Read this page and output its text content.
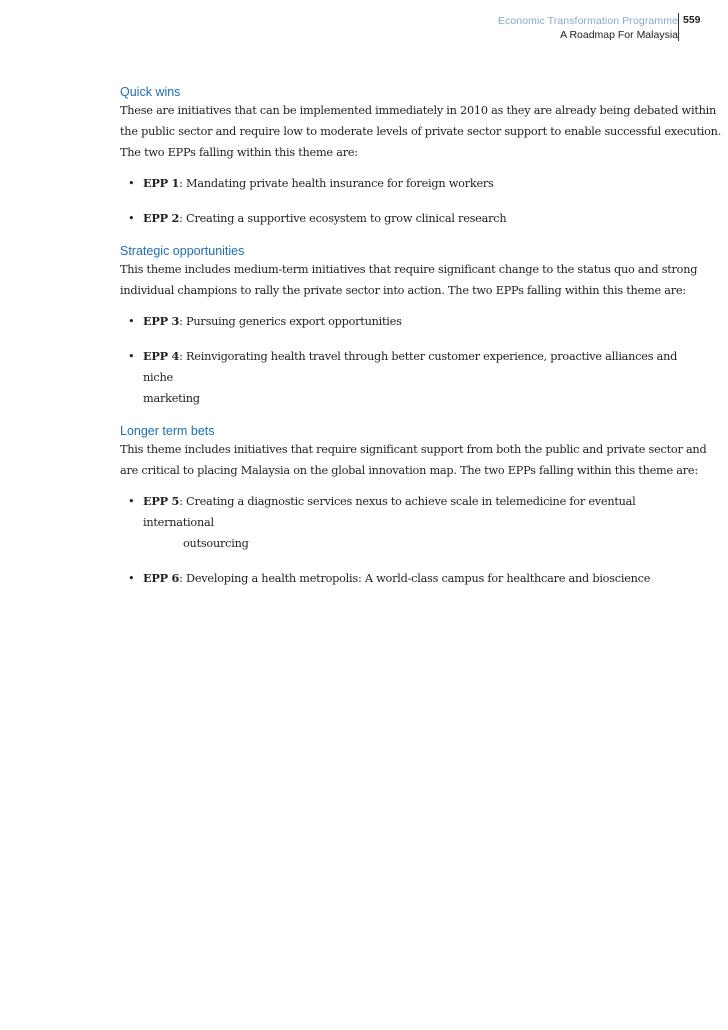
Economic Transformation Programme
A Roadmap For Malaysia
559
Quick wins

These are initiatives that can be implemented immediately in 2010 as they are already being debated within
the public sector and require low to moderate levels of private sector support to enable successful execution.
The two EPPs falling within this theme are:

• EPP 1: Mandating private health insurance for foreign workers
• EPP 2: Creating a supportive ecosystem to grow clinical research
Strategic opportunities

This theme includes medium-term initiatives that require significant change to the status quo and strong
individual champions to rally the private sector into action. The two EPPs falling within this theme are:

• EPP 3: Pursuing generics export opportunities
• EPP 4: Reinvigorating health travel through better customer experience, proactive alliances and niche
marketing
Longer term bets

This theme includes initiatives that require significant support from both the public and private sector and
are critical to placing Malaysia on the global innovation map. The two EPPs falling within this theme are:

• EPP 5: Creating a diagnostic services nexus to achieve scale in telemedicine for eventual international
outsourcing
• EPP 6: Developing a health metropolis: A world-class campus for healthcare and bioscience
